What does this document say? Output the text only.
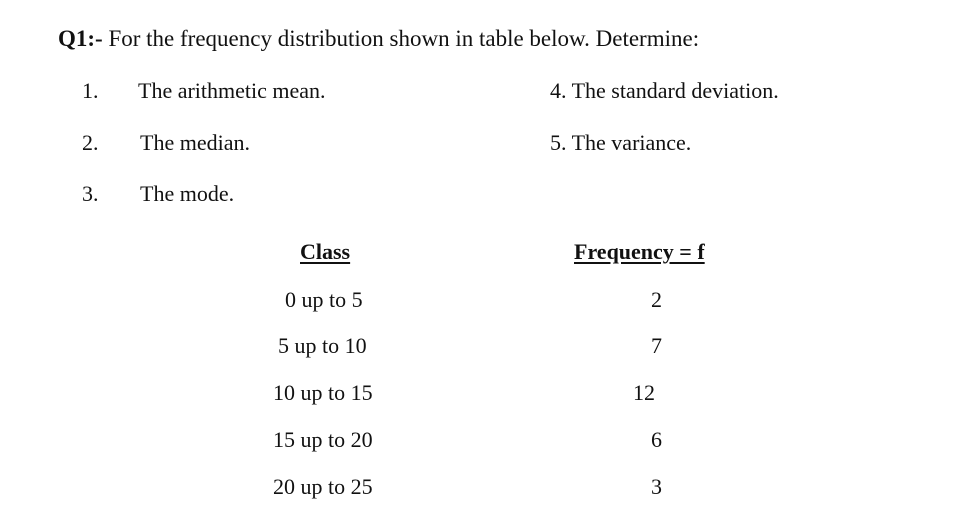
Q1:- For the frequency distribution shown in table below. Determine:
1. The arithmetic mean.
2. The median.
3. The mode.
4. The standard deviation.
5. The variance.
Class	Frequency = f
0 up to 5	2
5 up to 10	7
10 up to 15	12
15 up to 20	6
20 up to 25	3
